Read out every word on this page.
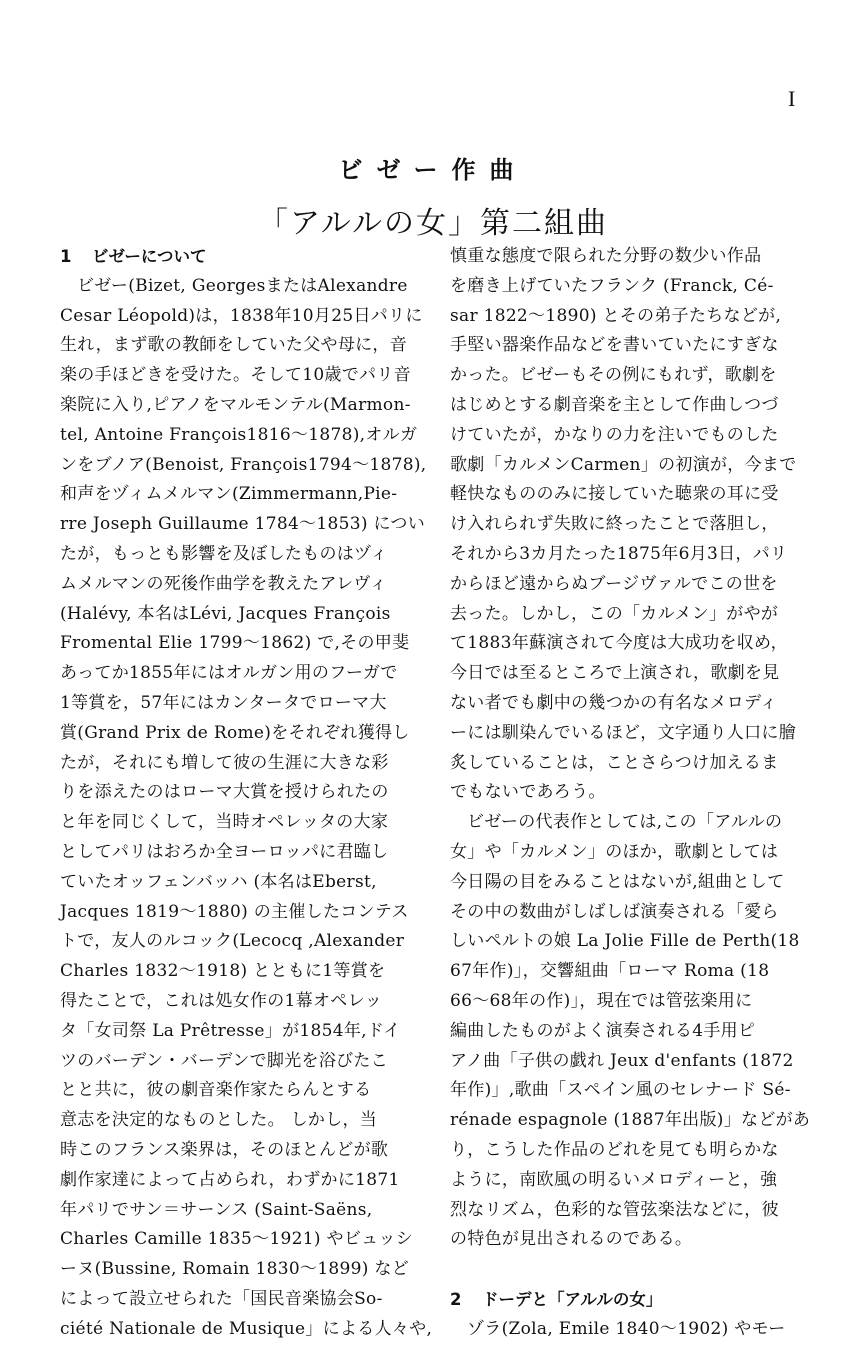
I
ビゼー作曲
「アルルの女」第二組曲
1 ビゼーについて
ビゼー(Bizet, GeorgesまたはAlexandre
Cesar Léopold)は，1838年10月25日パリに
生れ，まず歌の教師をしていた父や母に，音
楽の手ほどきを受けた。そして10歳でパリ音
楽院に入り,ピアノをマルモンテル(Marmon-
tel, Antoine François1816～1878),オルガ
ンをブノア(Benoist, François1794～1878),
和声をヅィムメルマン(Zimmermann,Pie-
rre Joseph Guillaume 1784～1853) につい
たが，もっとも影響を及ぼしたものはヅィ
ムメルマンの死後作曲学を教えたアレヴィ
(Halévy, 本名はLévi, Jacques François
Fromental Elie 1799～1862) で,その甲斐
あってか1855年にはオルガン用のフーガで
1等賞を，57年にはカンタータでローマ大
賞(Grand Prix de Rome)をそれぞれ獲得し
たが，それにも増して彼の生涯に大きな彩
りを添えたのはローマ大賞を授けられたの
と年を同じくして，当時オペレッタの大家
としてパリはおろか全ヨーロッパに君臨し
ていたオッフェンバッハ (本名はEberst,
Jacques 1819～1880) の主催したコンテス
トで，友人のルコック(Lecocq ,Alexander
Charles 1832～1918) とともに1等賞を
得たことで，これは処女作の1幕オペレッ
タ「女司祭 La Prêtresse」が1854年,ドイ
ツのバーデン・バーデンで脚光を浴びたこ
とと共に，彼の劇音楽作家たらんとする
意志を決定的なものとした。 しかし，当
時このフランス楽界は，そのほとんどが歌
劇作家達によって占められ，わずかに1871
年パリでサン＝サーンス (Saint-Saëns,
Charles Camille 1835～1921) やビュッシ
ーヌ(Bussine, Romain 1830～1899) など
によって設立せられた「国民音楽協会So-
ciété Nationale de Musique」による人々や,
慎重な態度で限られた分野の数少い作品
を磨き上げていたフランク (Franck, Cé-
sar 1822～1890) とその弟子たちなどが,
手堅い器楽作品などを書いていたにすぎな
かった。ビゼーもその例にもれず，歌劇を
はじめとする劇音楽を主として作曲しつづ
けていたが，かなりの力を注いでものした
歌劇「カルメンCarmen」の初演が，今まで
軽快なもののみに接していた聴衆の耳に受
け入れられず失敗に終ったことで落胆し，
それから3カ月たった1875年6月3日，パリ
からほど遠からぬブージヴァルでこの世を
去った。しかし，この「カルメン」がやが
て1883年蘇演されて今度は大成功を収め，
今日では至るところで上演され，歌劇を見
ない者でも劇中の幾つかの有名なメロディ
ーには馴染んでいるほど，文字通り人口に膾
炙していることは，ことさらつけ加えるま
でもないであろう。
ビゼーの代表作としては,この「アルルの
女」や「カルメン」のほか，歌劇としては
今日陽の目をみることはないが,組曲として
その中の数曲がしばしば演奏される「愛ら
しいペルトの娘 La Jolie Fille de Perth(18
67年作)」，交響組曲「ローマ Roma (18
66～68年の作)」，現在では管弦楽用に
編曲したものがよく演奏される4手用ピ
アノ曲「子供の戯れ Jeux d'enfants (1872
年作)」,歌曲「スペイン風のセレナード Sé-
rénade espagnole (1887年出版)」などがあ
り，こうした作品のどれを見ても明らかな
ように，南欧風の明るいメロディーと，強
烈なリズム，色彩的な管弦楽法などに，彼
の特色が見出されるのである。
2 ドーデと「アルルの女」
ゾラ(Zola, Emile 1840～1902) やモー
